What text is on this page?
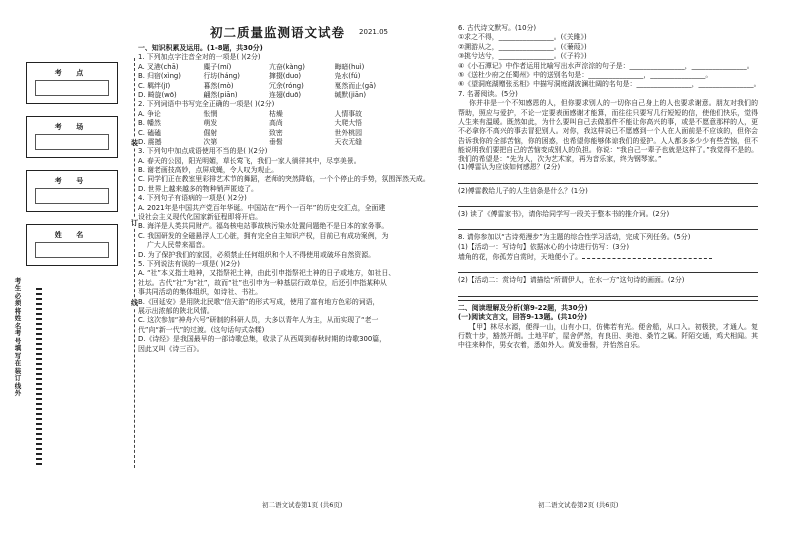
考 点
考 场
考 号
姓 名
考生必须将姓名考号填写在装订线外
装
订
线
初二质量监测语文试卷	2021.05
一、知识积累及运用。(1-8题，共30分)
1. 下列加点字注音全对的一项是( )(2分)
A. 叉港(chā)	麋子(mí)	亢奋(kàng)	晦暗(huì)
B. 归宿(xìng)	行坊(háng)	撺掇(duo)	凫水(fú)
C. 羁绊(jī)	暮然(mò)	冗余(róng)	戛然而止(gā)
D. 畸旋(wō)	翩然(piān)	连翅(duō)	缄默(jiān)
2. 下列词语中书写完全正确的一项是( )(2分)
A. 争论	怅惘	枯燥	人情事故
B. 幡然	萌发	高尚	大爬大悟
C. 磕磕	倔射	致密	世外桃园
D. 震撼	次第	垂髫	天衣无缝
3. 下列句中加点成语使用不当的是( )(2分)
A. 春天的公园，阳光明媚，草长莺飞，我们一家人徜徉其中，尽享美景。
B. 谢老画技高妙，点屏成蝇，令人叹为观止。
C. 同学们正在教室里彩排艺术节的舞蹈，老师的突然降临，一个个停止的手势，氛围浑然天成。
D. 世界上越来越多的物种销声匿迹了。
4. 下列句子有语病的一项是( )(2分)
A. 2021年是中国共产党百年华诞。中国站在“两个一百年”的历史交汇点，全面建
设社会主义现代化国家新征程即将开启。
B. 海洋是人类共同财产。福岛核电站事故核污染水处置问题绝不是日本的家务事。
C. 我国研发的全磁悬浮人工心脏，拥有完全自主知识产权，目前已有成功案例，为
广大人民带来福音。
D. 为了保护我们的家园，必须禁止任何组织和个人不得使用或破坏自然资源。
5. 下列说法有误的一项是( )(2分)
A. “社”本义指土地神，又指祭祀土神，由此引申指祭祀土神的日子或地方，如社日、
社坛。古代“社”为“社”，故而“社”也引申为一种基层行政单位，后还引申指某种从
事共同活动的集体组织，如诗社、书社。
B.《回延安》是用陕北民歌“信天游”的形式写成，使用了富有地方色彩的词语，
展示出浓郁的陕北风情。
C. 这次参加“神舟六号”研制的科研人员，大多以青年人为主，从而实现了“老一
代”向“新一代”的过渡。(这句话句式杂糅)
D.《诗经》是我国最早的一部诗歌总集，收录了从西周到春秋时期的诗歌300篇，
因此又叫《诗三百》。
初二语文试卷第1页 (共6页)
6. 古代诗文默写。(10分)
①求之不得，________________。(《关雎》)
②溯游从之，________________。(《蒹葭》)
③挑兮达兮，________________。(《子衿》)
④《小石潭记》中作者运用比喻写出水声淙淙的句子是：________________，________________。
⑤《送杜少府之任蜀州》中的送别名句是：________________，________________。
⑥《望洞庭湖赠张丞相》中描写洞庭湖波澜壮阔的名句是：________________，________________。
7. 名著阅读。(5分)
你并非是一个不知感恩的人，但你要求别人的一切你自己身上的人也要求谢意。朋友对我们的帮助，照应与爱护，不论一定要表面感谢才能算，而往往只要写几行短短的信，使他们快乐，觉得人生来有温暖。既然如此，为什么要叫自己去做那件不能让你高兴的事，或是不愿意那样的人，更不必拿你不高兴的事去冒犯别人。对你，我这样说已不愿感到一个人在人面前是不应该的，但你会告诉我你的全部苦恼，你的困惑，也希望你能够体谅我们的爱护。人人都多多少少有些苦恼，但不能说明我们要把自己的苦恼变成别人的负担。你说：“我自己一辈子也就是这样了。”我觉得不是的。我们的希望是：“先为人，次为艺术家，再为音乐家，终为钢琴家。”
(1)傅雷认为应该如何感恩？(2分)
(2)傅雷教给儿子的人生信条是什么？(1分)
(3) 读了《傅雷家书》，请你给同学写一段关于整本书的推介词。(2分)
8. 请你参加以“古诗苑漫步”为主题的综合性学习活动，完成下列任务。(5分)
(1)【活动一：写诗句】依据冰心的小诗进行仿写：(3分)
墙角的花，你孤芳自赏时，天地便小了。
(2)【活动二：赏诗句】请描绘“所谓伊人，在水一方”这句诗的画面。(2分)
二、阅读理解及分析(第9-22题，共30分)
(一)阅读文言文，回答9-13题。(共10分)
【甲】林尽水源，便得一山，山有小口，仿佛若有光。便舍船，从口入。初极狭，才通人。复行数十步，豁然开朗。土地平旷，屋舍俨然，有良田、美池、桑竹之属。阡陌交通，鸡犬相闻。其中往来种作，男女衣着，悉如外人。黄发垂髫，并怡然自乐。
初二语文试卷第2页 (共6页)
